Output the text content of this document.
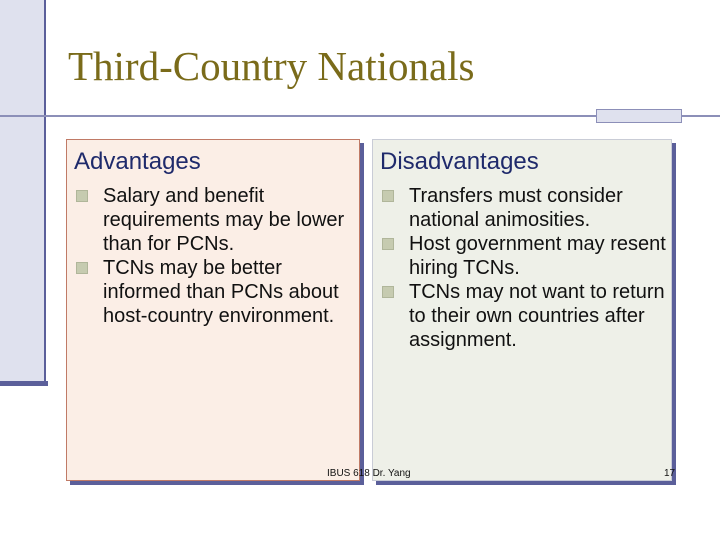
Third-Country Nationals
Advantages
Salary and benefit requirements may be lower than for PCNs.
TCNs may be better informed than PCNs about host-country environment.
Disadvantages
Transfers must consider national animosities.
Host government may resent hiring TCNs.
TCNs may not want to return to their own countries after assignment.
IBUS 618 Dr. Yang	17
